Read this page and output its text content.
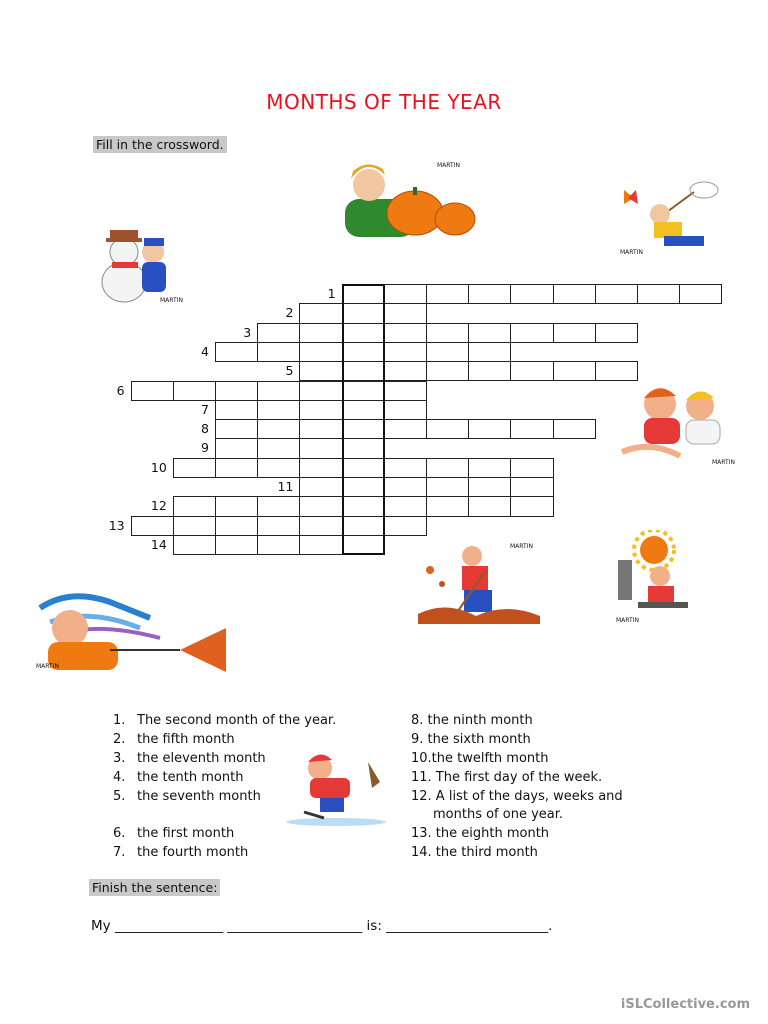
MONTHS OF THE YEAR
Fill in the crossword.
1
2
3
4
5
6
7
8
9
10
11
12
13
14
MARTIN
MARTIN
MARTIN
MARTIN
MARTIN
MARTIN
MARTIN
1. The second month of the year.
2. the fifth month
3. the eleventh month
4. the tenth month
5. the seventh month
6. the first month
7. the fourth month
8. the ninth month
9. the sixth month
10.the twelfth month
11. The first day of the week.
12. A list of the days, weeks and
months of one year.
13. the eighth month
14. the third month
Finish the sentence:
My ________________ ____________________ is: ________________________.
iSLCollective.com
